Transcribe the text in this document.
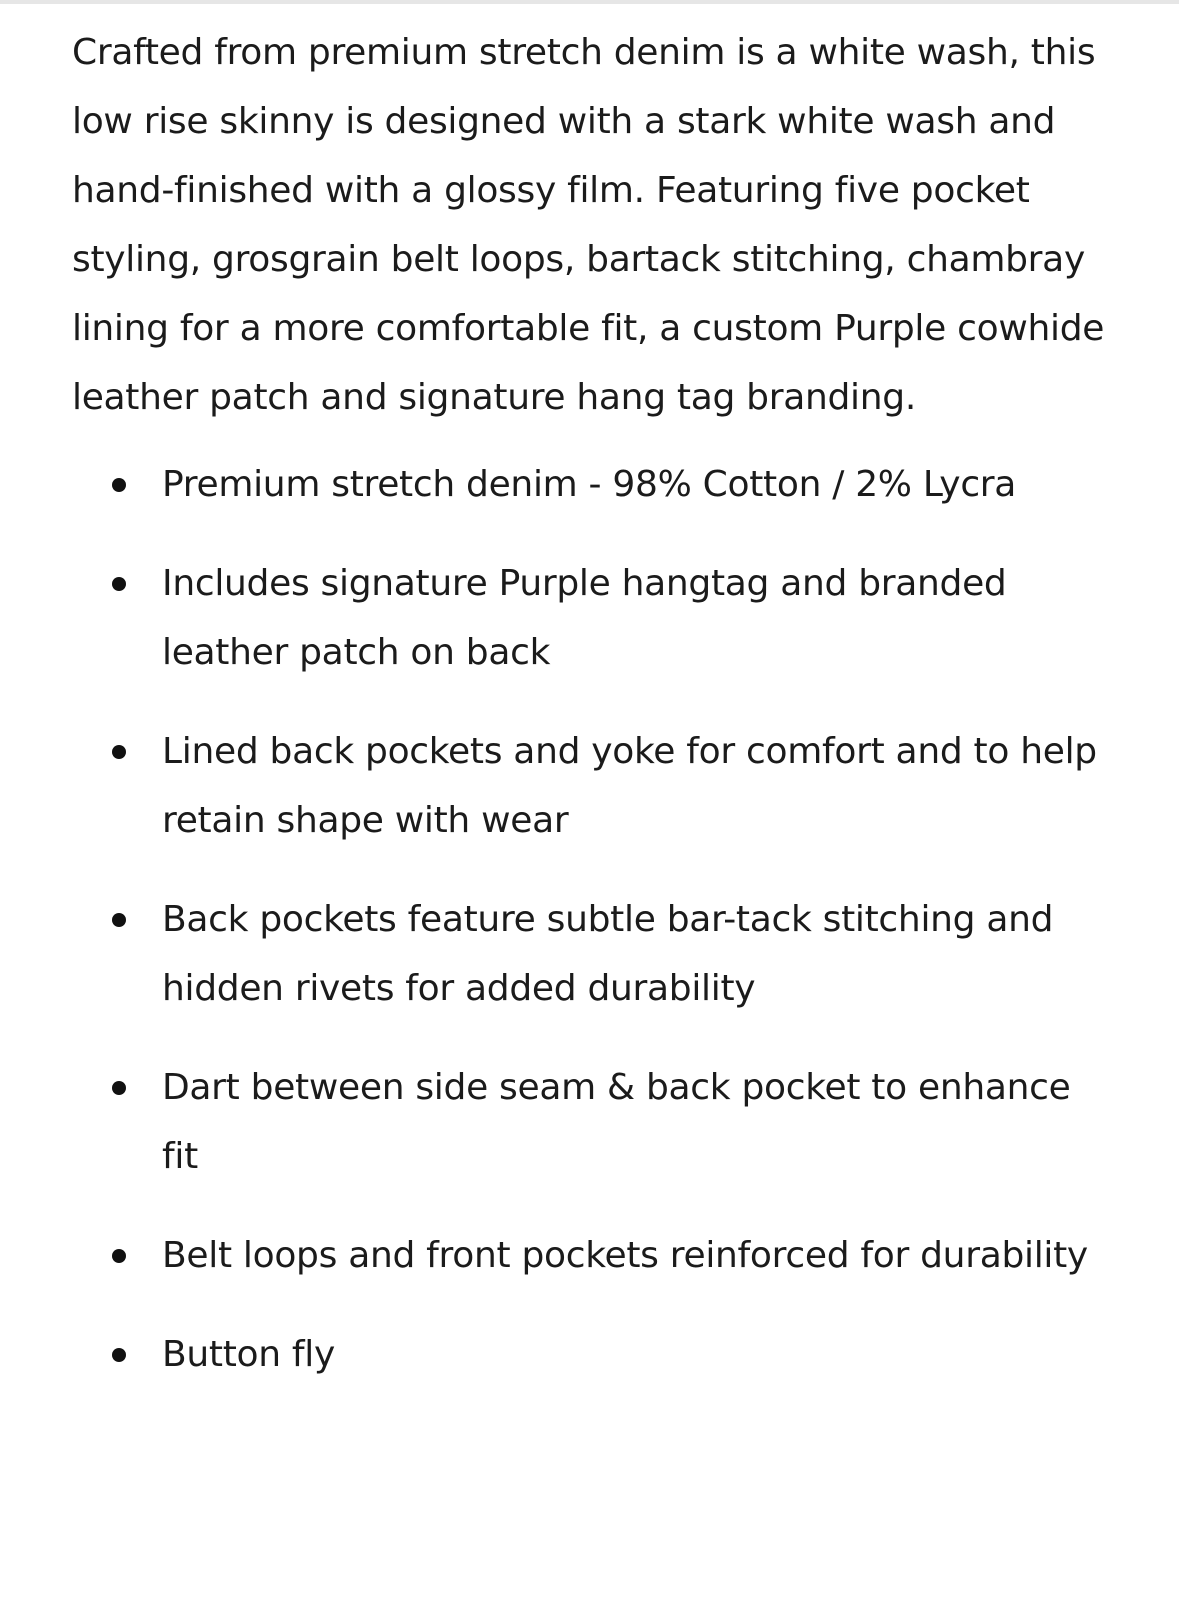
Crafted from premium stretch denim is a white wash, this low rise skinny is designed with a stark white wash and hand-finished with a glossy film. Featuring five pocket styling, grosgrain belt loops, bartack stitching, chambray lining for a more comfortable fit, a custom Purple cowhide leather patch and signature hang tag branding.

Premium stretch denim - 98% Cotton / 2% Lycra
Includes signature Purple hangtag and branded leather patch on back
Lined back pockets and yoke for comfort and to help retain shape with wear
Back pockets feature subtle bar-tack stitching and hidden rivets for added durability
Dart between side seam & back pocket to enhance fit
Belt loops and front pockets reinforced for durability
Button fly
